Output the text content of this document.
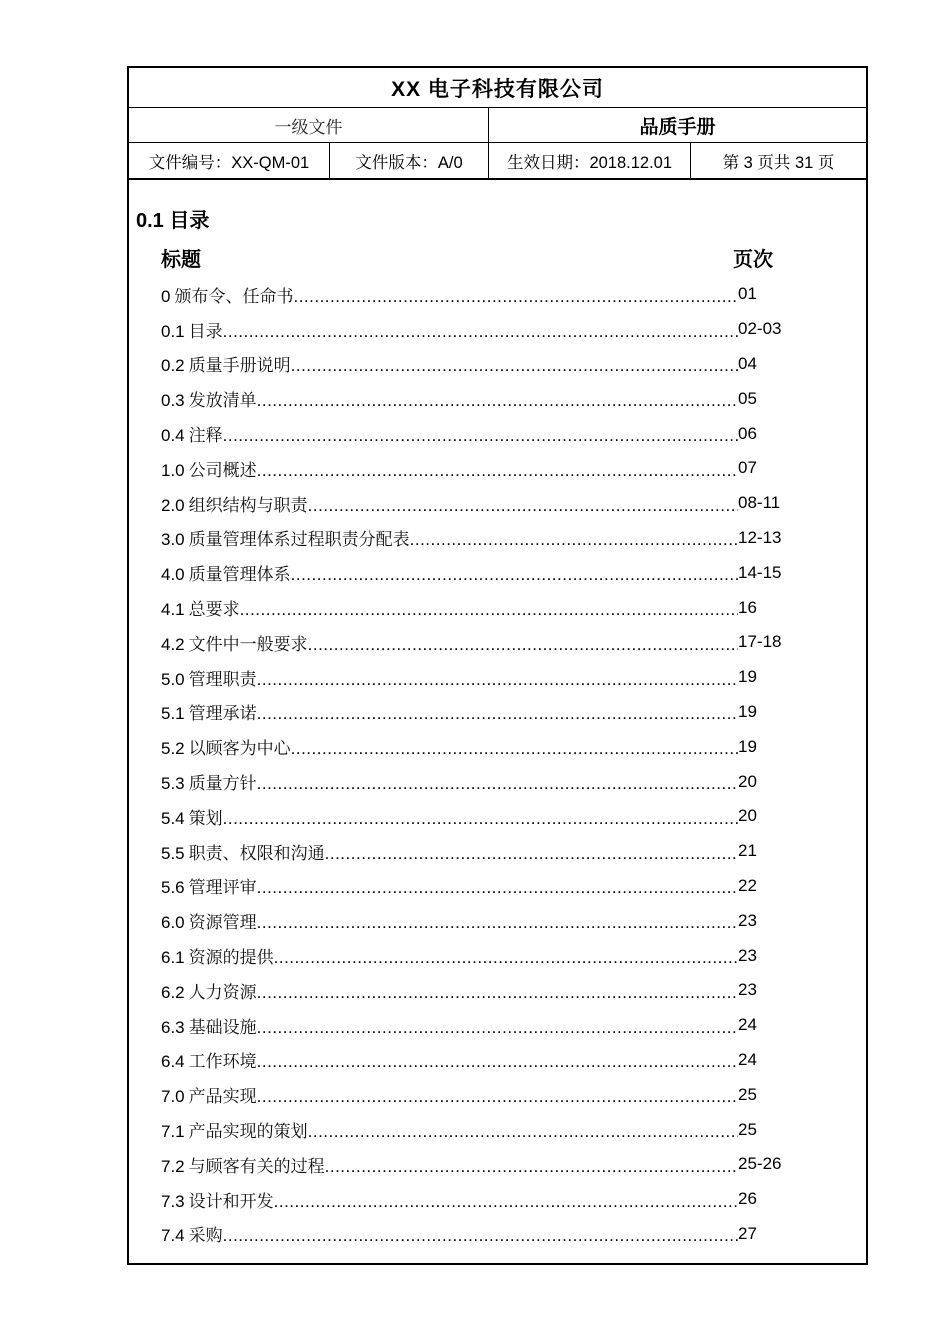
XX 电子科技有限公司
一级文件	品质手册
文件编号：XX-QM-01	文件版本：A/0	生效日期：2018.12.01	第 3 页共 31 页
0.1 目录
标题	页次
0 颁布令、任命书 .....	01
0.1 目录 .....	02-03
0.2 质量手册说明 .....	04
0.3 发放清单 .....	05
0.4 注释 .....	06
1.0 公司概述 .....	07
2.0 组织结构与职责 .....	08-11
3.0 质量管理体系过程职责分配表 .....	12-13
4.0 质量管理体系 .....	14-15
4.1 总要求 .....	16
4.2 文件中一般要求 .....	17-18
5.0 管理职责 .....	19
5.1 管理承诺 .....	19
5.2 以顾客为中心 .....	19
5.3 质量方针 .....	20
5.4 策划 .....	20
5.5 职责、权限和沟通 .....	21
5.6 管理评审 .....	22
6.0 资源管理 .....	23
6.1 资源的提供 .....	23
6.2 人力资源 .....	23
6.3 基础设施 .....	24
6.4 工作环境 .....	24
7.0 产品实现 .....	25
7.1 产品实现的策划 .....	25
7.2 与顾客有关的过程 .....	25-26
7.3 设计和开发 .....	26
7.4 采购 .....	27
